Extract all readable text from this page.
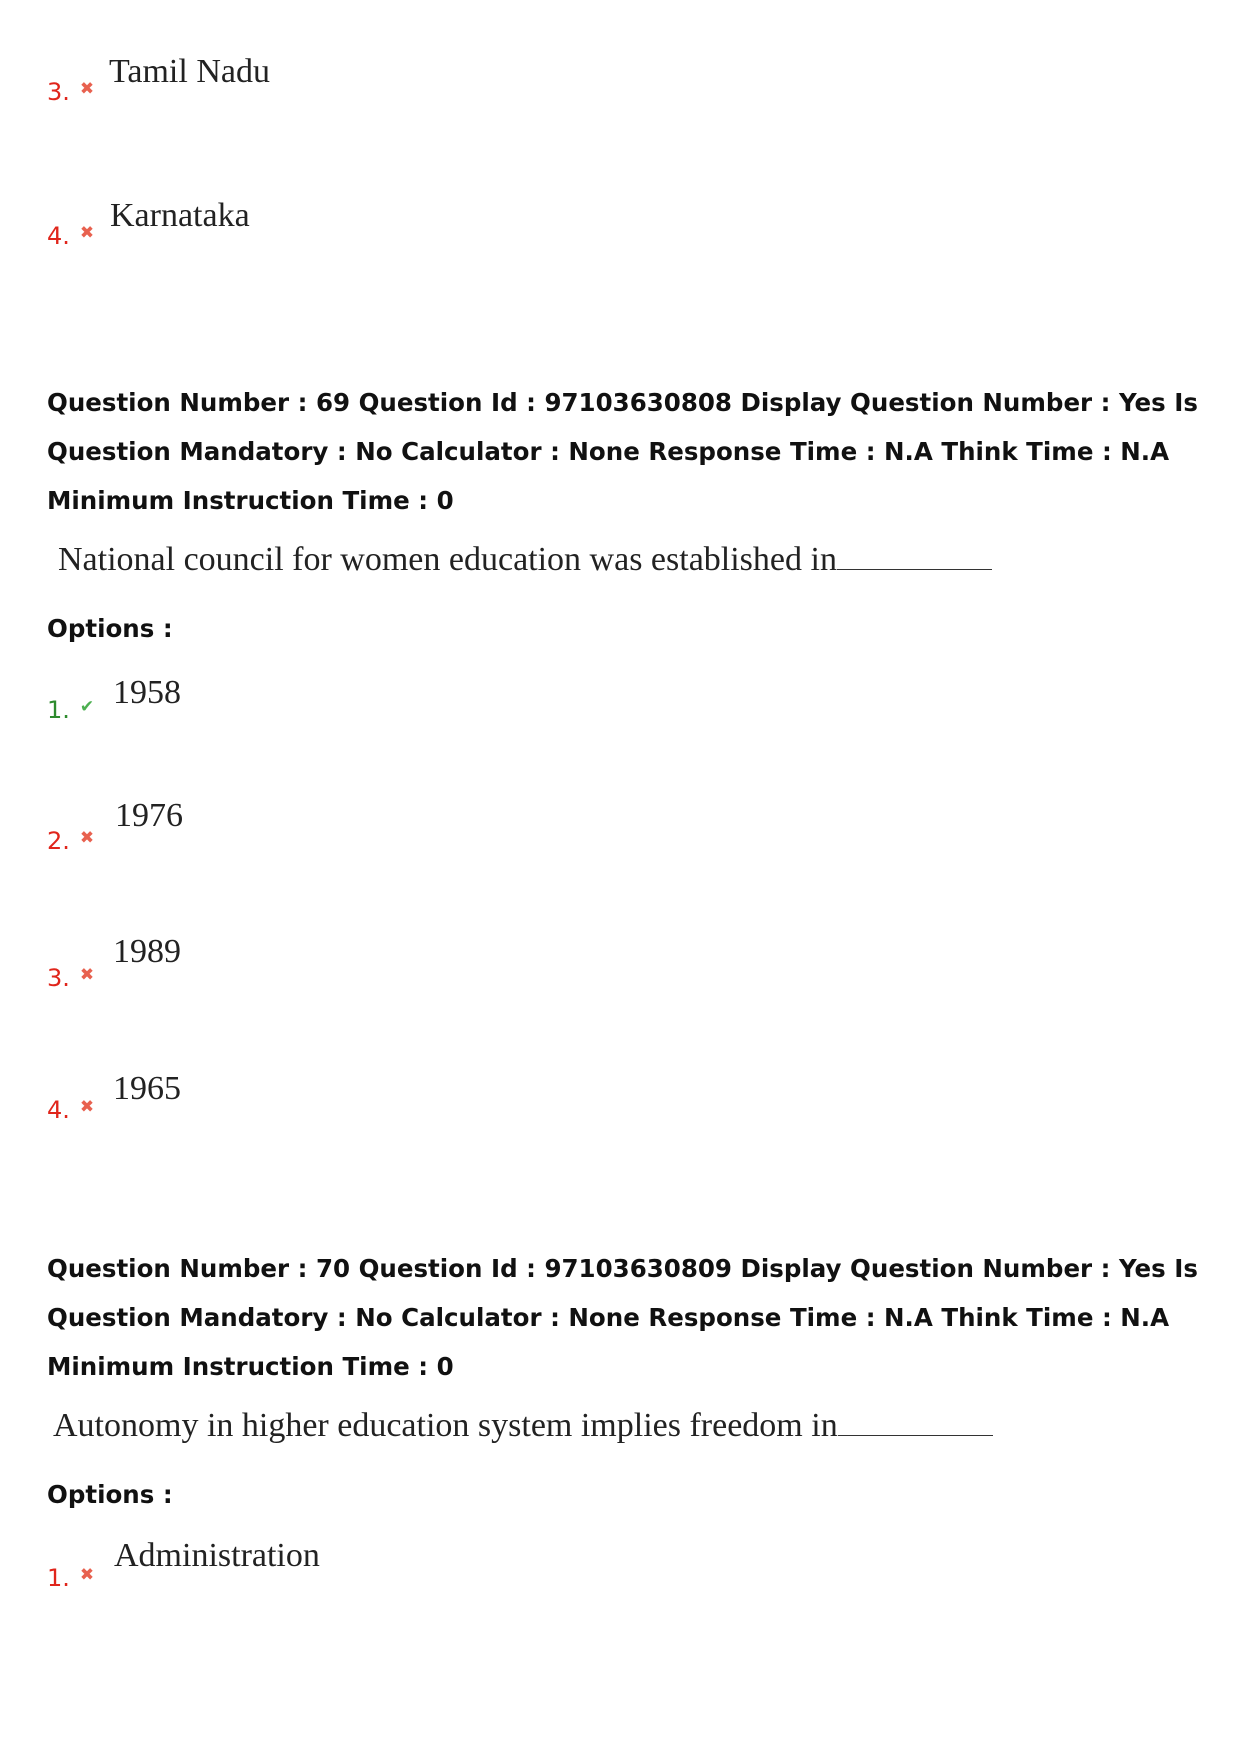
3. ✖ Tamil Nadu
4. ✖ Karnataka
Question Number : 69 Question Id : 97103630808 Display Question Number : Yes Is Question Mandatory : No Calculator : None Response Time : N.A Think Time : N.A Minimum Instruction Time : 0
National council for women education was established in
Options :
1. ✔ 1958
2. ✖
1976
3. ✖
1989
4. ✖ 1965
Question Number : 70 Question Id : 97103630809 Display Question Number : Yes Is Question Mandatory : No Calculator : None Response Time : N.A Think Time : N.A Minimum Instruction Time : 0
Autonomy in higher education system implies freedom in
Options :
1. ✖
Administration
